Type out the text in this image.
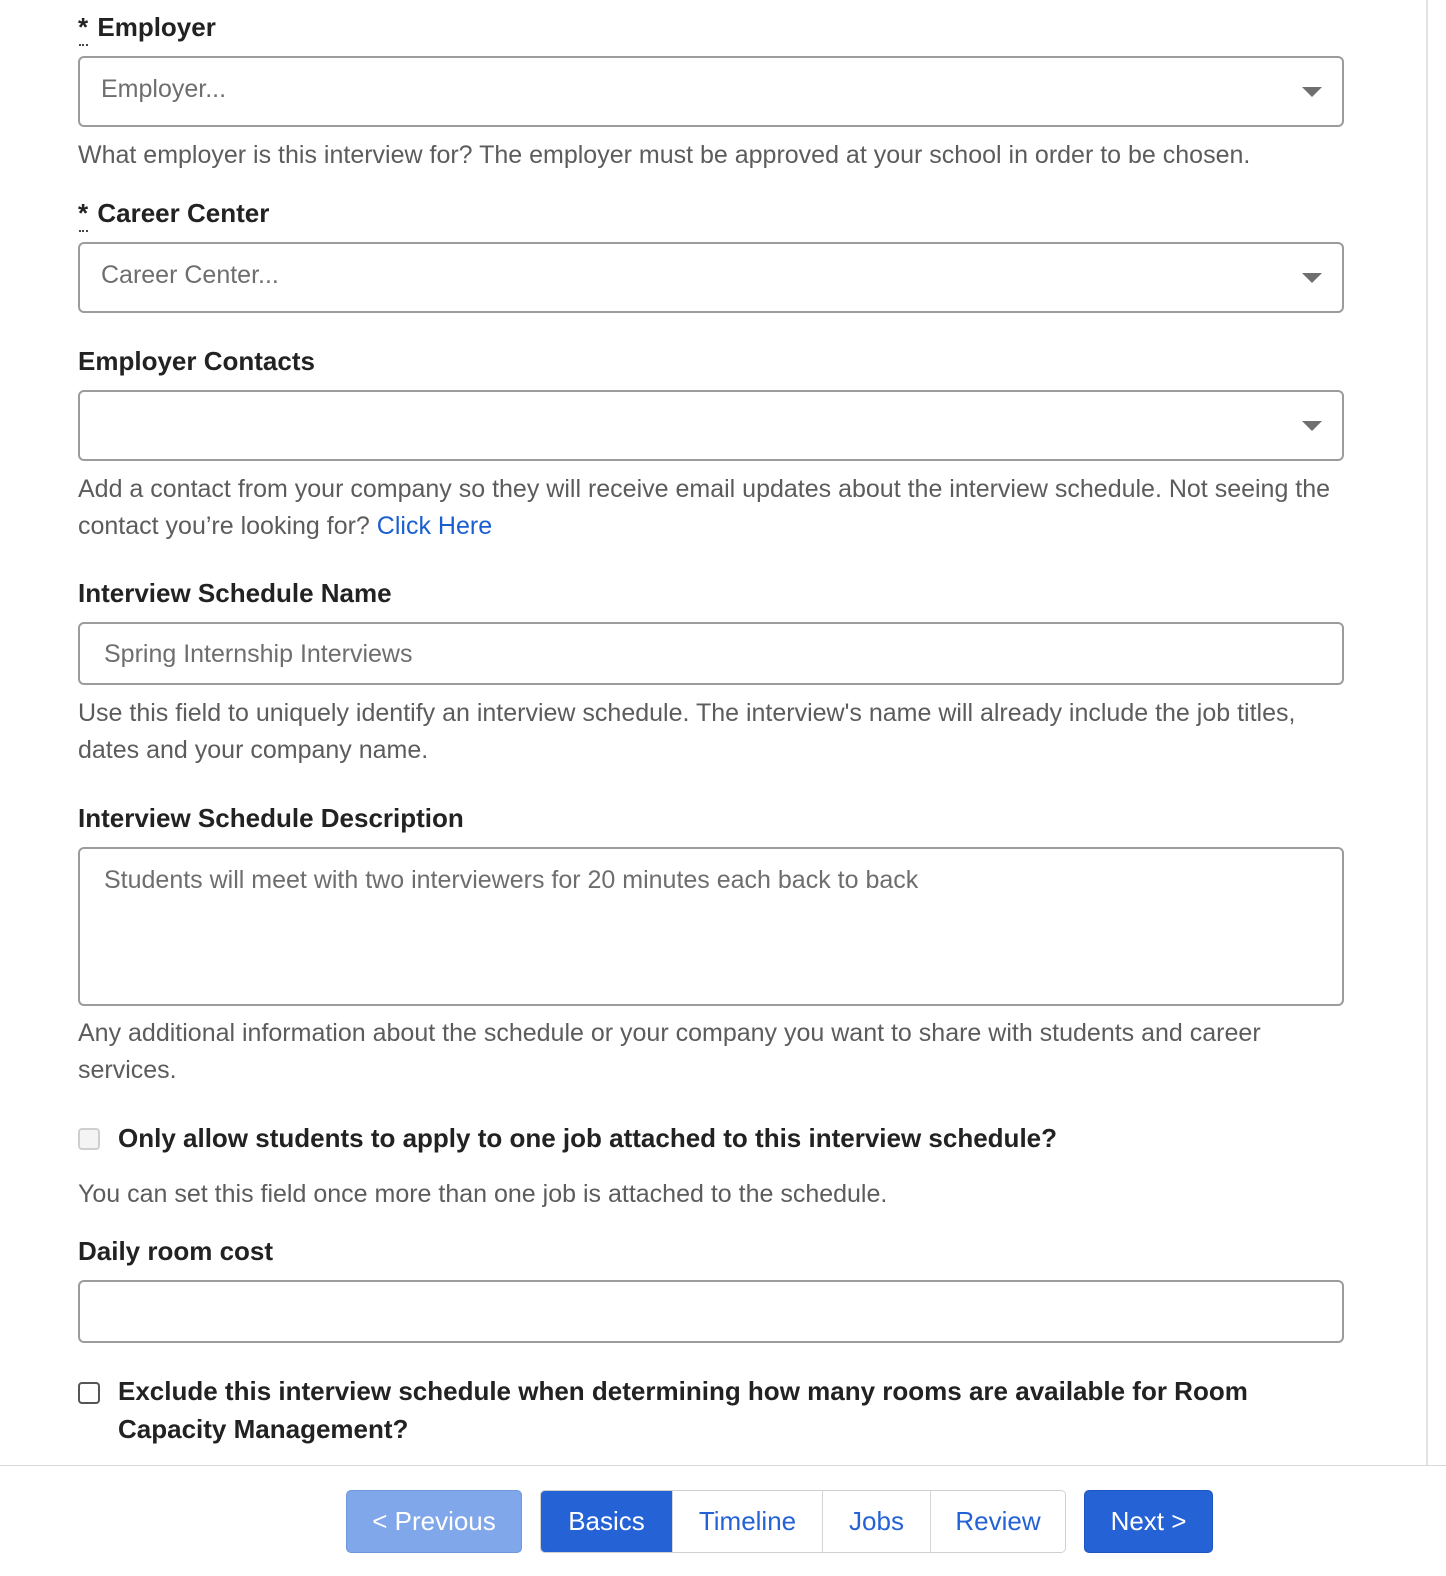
* Employer
Employer...
What employer is this interview for? The employer must be approved at your school in order to be chosen.
* Career Center
Career Center...
Employer Contacts
Add a contact from your company so they will receive email updates about the interview schedule. Not seeing the contact you’re looking for? Click Here
Interview Schedule Name
Spring Internship Interviews
Use this field to uniquely identify an interview schedule. The interview's name will already include the job titles, dates and your company name.
Interview Schedule Description
Students will meet with two interviewers for 20 minutes each back to back
Any additional information about the schedule or your company you want to share with students and career services.
Only allow students to apply to one job attached to this interview schedule?
You can set this field once more than one job is attached to the schedule.
Daily room cost
Exclude this interview schedule when determining how many rooms are available for Room Capacity Management?
< Previous	Basics	Timeline	Jobs	Review	Next >
